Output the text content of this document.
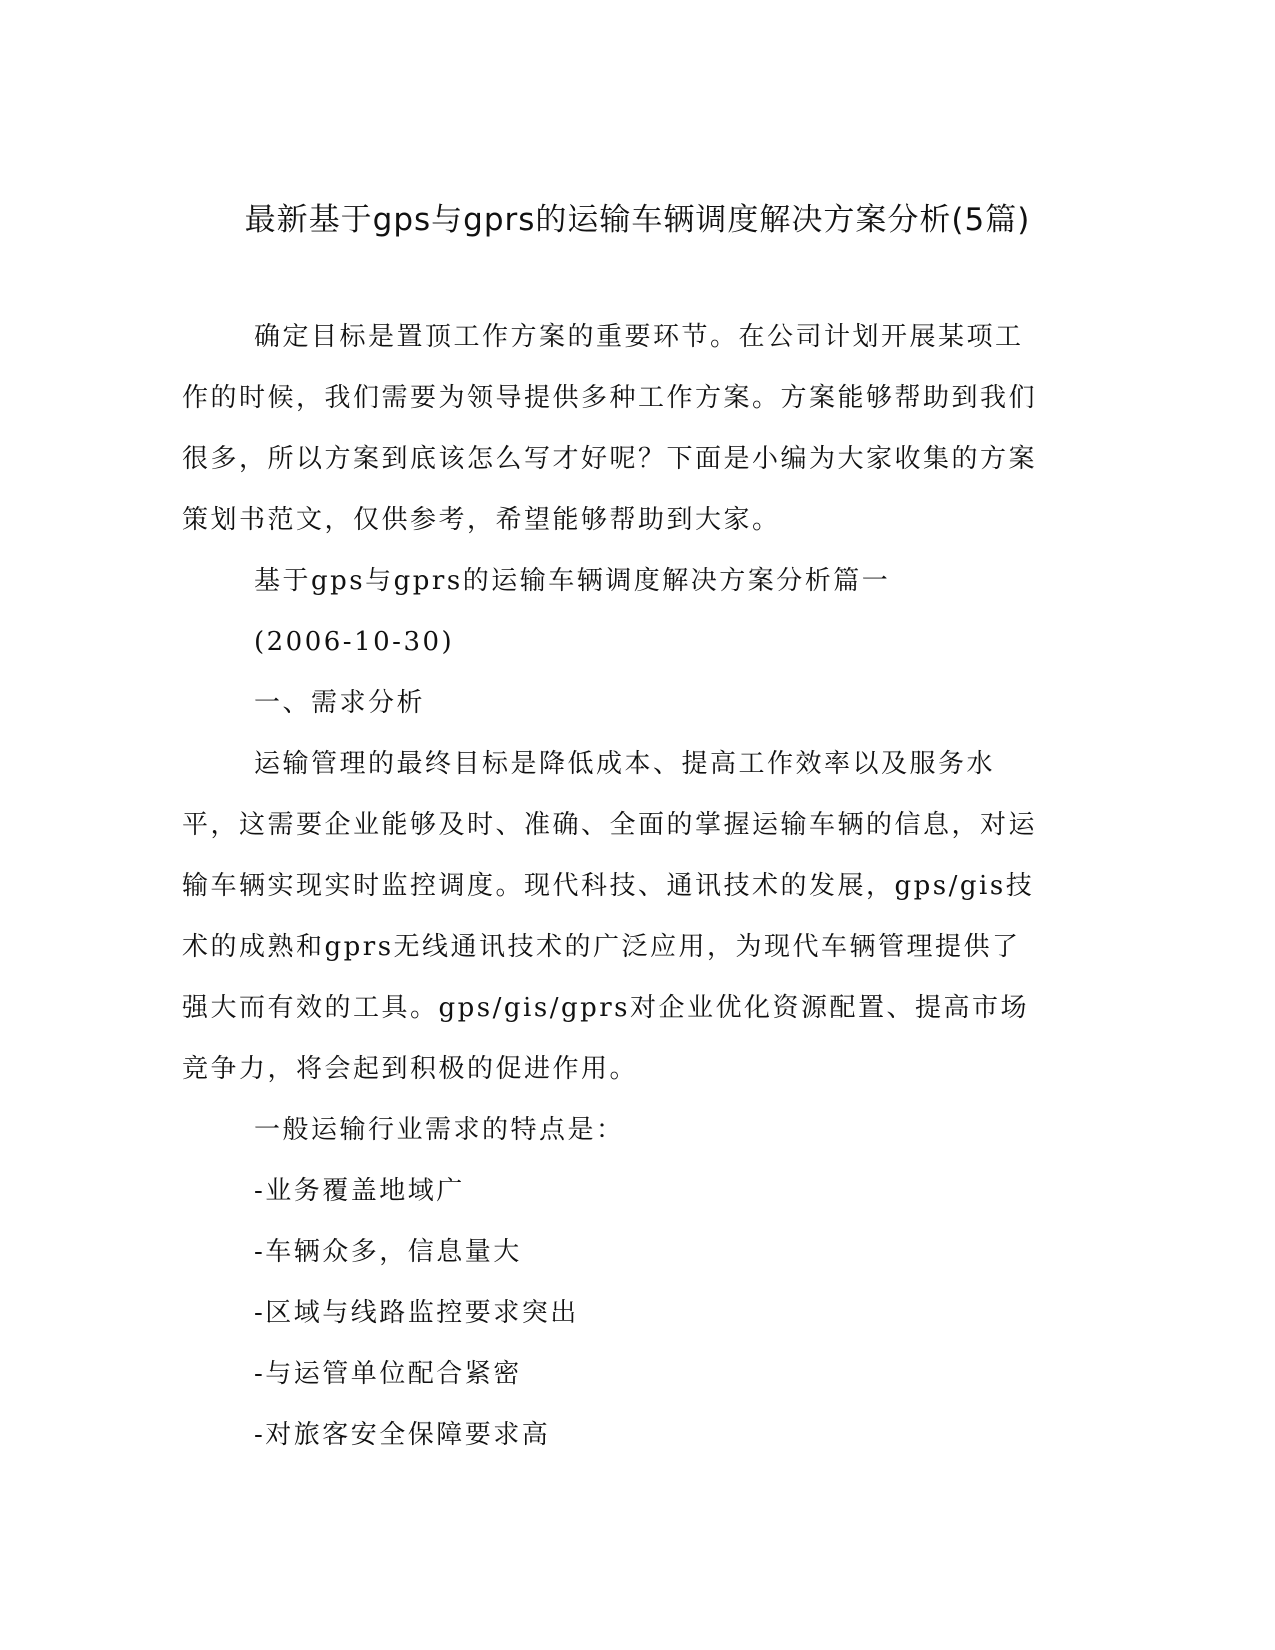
最新基于gps与gprs的运输车辆调度解决方案分析(5篇)

确定目标是置顶工作方案的重要环节。在公司计划开展某项工作的时候，我们需要为领导提供多种工作方案。方案能够帮助到我们很多，所以方案到底该怎么写才好呢？下面是小编为大家收集的方案策划书范文，仅供参考，希望能够帮助到大家。

基于gps与gprs的运输车辆调度解决方案分析篇一

(2006-10-30)

一、需求分析

运输管理的最终目标是降低成本、提高工作效率以及服务水平，这需要企业能够及时、准确、全面的掌握运输车辆的信息，对运输车辆实现实时监控调度。现代科技、通讯技术的发展，gps/gis技术的成熟和gprs无线通讯技术的广泛应用，为现代车辆管理提供了强大而有效的工具。gps/gis/gprs对企业优化资源配置、提高市场竞争力，将会起到积极的促进作用。

一般运输行业需求的特点是：

-业务覆盖地域广

-车辆众多，信息量大

-区域与线路监控要求突出

-与运管单位配合紧密

-对旅客安全保障要求高
